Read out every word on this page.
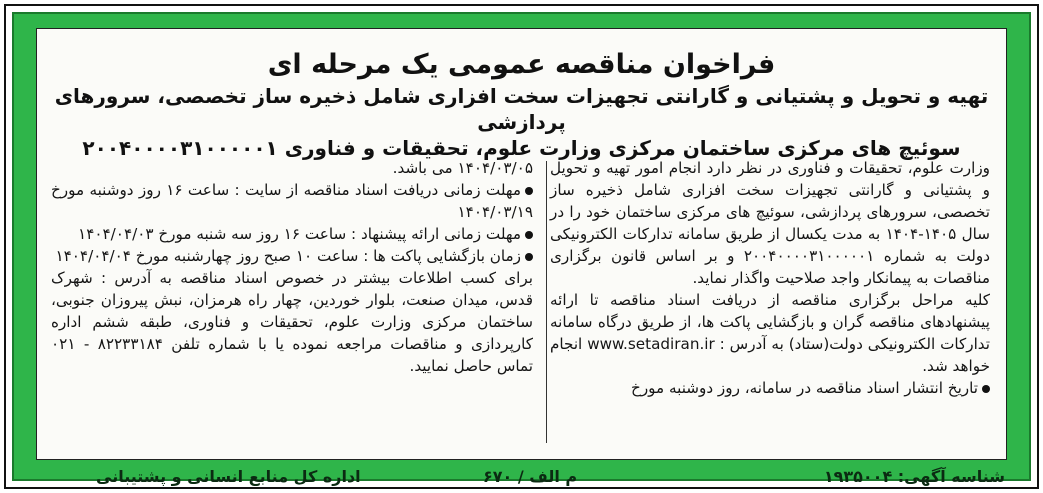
فراخوان مناقصه عمومی یک مرحله ای
تهیه و تحویل و پشتیانی و گارانتی تجهیزات سخت افزاری شامل ذخیره ساز تخصصی، سرورهای پردازشی
سوئیچ های مرکزی ساختمان مرکزی وزارت علوم، تحقیقات و فناوری ۲۰۰۴۰۰۰۰۳۱۰۰۰۰۰۱

وزارت علوم، تحقیقات و فناوری در نظر دارد انجام امور تهیه و تحویل و پشتیانی و گارانتی تجهیزات سخت افزاری شامل ذخیره ساز تخصصی، سرورهای پردازشی، سوئیچ های مرکزی ساختمان خود را در سال ۱۴۰۵-۱۴۰۴ به مدت یکسال از طریق سامانه تدارکات الکترونیکی دولت به شماره ۲۰۰۴۰۰۰۰۳۱۰۰۰۰۰۱ و بر اساس قانون برگزاری مناقصات به پیمانکار واجد صلاحیت واگذار نماید.

کلیه مراحل برگزاری مناقصه از دریافت اسناد مناقصه تا ارائه پیشنهادهای مناقصه گران و بازگشایی پاکت ها، از طریق درگاه سامانه تدارکات الکترونیکی دولت(ستاد) به آدرس : www.setadiran.ir انجام خواهد شد.

تاریخ انتشار اسناد مناقصه در سامانه، روز دوشنبه مورخ

۱۴۰۴/۰۳/۰۵ می باشد.

مهلت زمانی دریافت اسناد مناقصه از سایت : ساعت ۱۶ روز دوشنبه مورخ ۱۴۰۴/۰۳/۱۹

مهلت زمانی ارائه پیشنهاد : ساعت ۱۶ روز سه شنبه مورخ ۱۴۰۴/۰۴/۰۳

زمان بازگشایی پاکت ها : ساعت ۱۰ صبح روز چهارشنبه مورخ ۱۴۰۴/۰۴/۰۴

برای کسب اطلاعات بیشتر در خصوص اسناد مناقصه به آدرس : شهرک قدس، میدان صنعت، بلوار خوردین، چهار راه هرمزان، نبش پیروزان جنوبی، ساختمان مرکزی وزارت علوم، تحقیقات و فناوری، طبقه ششم اداره کارپردازی و مناقصات مراجعه نموده یا با شماره تلفن ۸۲۲۳۳۱۸۴ - ۰۲۱ تماس حاصل نمایید.

شناسه آگهی: ۱۹۳۵۰۰۴
م الف / ۶۷۰
اداره کل منابع انسانی و پشتیبانی
